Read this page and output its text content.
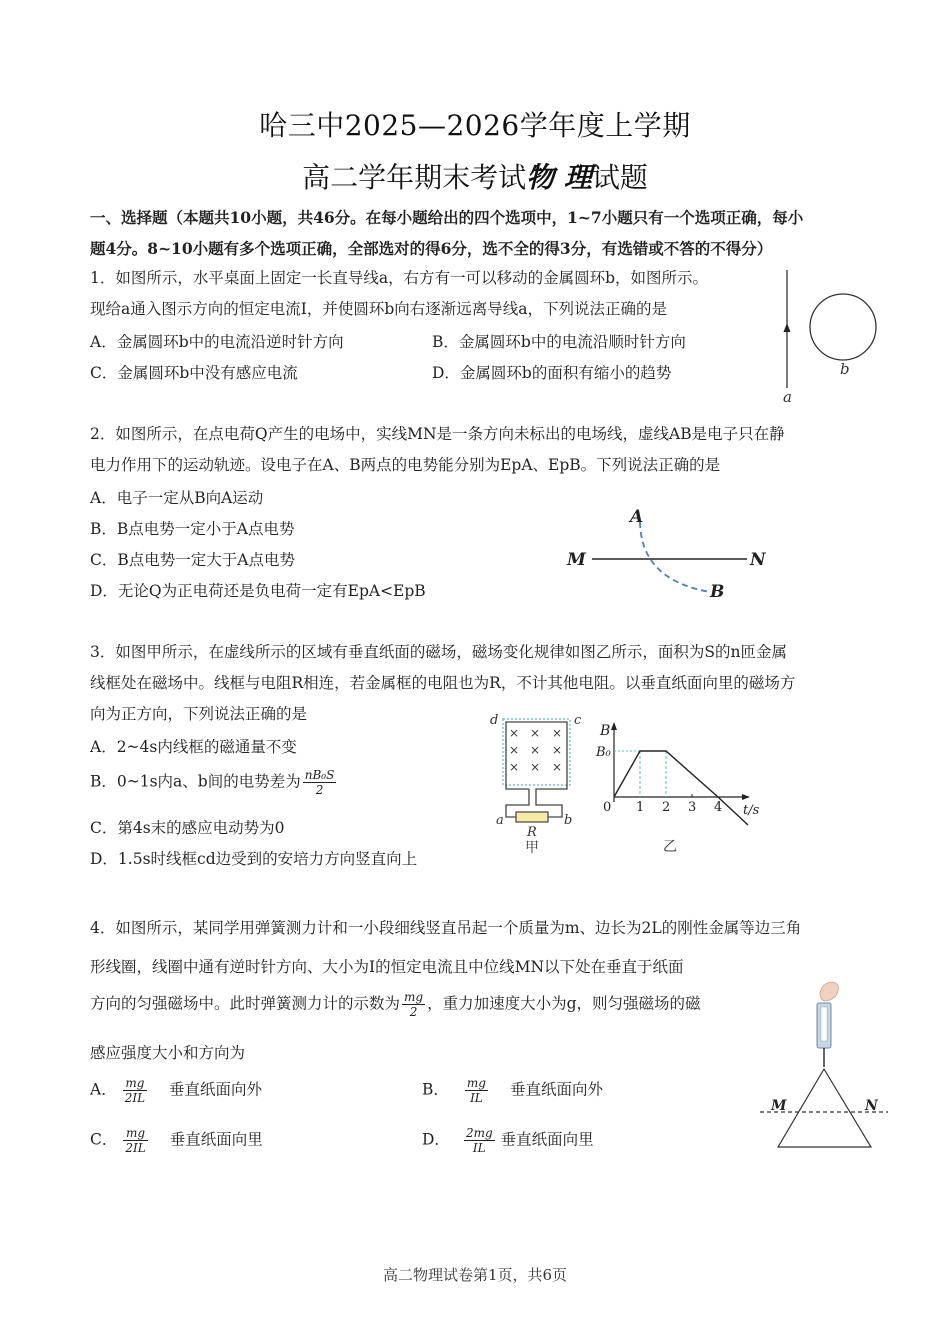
哈三中2025—2026学年度上学期
高二学年期末考试物 理试题
一、选择题（本题共10小题，共46分。在每小题给出的四个选项中，1~7小题只有一个选项正确，每小
题4分。8~10小题有多个选项正确，全部选对的得6分，选不全的得3分，有选错或不答的不得分）
1．如图所示，水平桌面上固定一长直导线a，右方有一可以移动的金属圆环b，如图所示。
现给a通入图示方向的恒定电流I，并使圆环b向右逐渐远离导线a，下列说法正确的是
A．金属圆环b中的电流沿逆时针方向	B．金属圆环b中的电流沿顺时针方向
C．金属圆环b中没有感应电流	D．金属圆环b的面积有缩小的趋势
a
b
2．如图所示，在点电荷Q产生的电场中，实线MN是一条方向未标出的电场线，虚线AB是电子只在静
电力作用下的运动轨迹。设电子在A、B两点的电势能分别为EpA、EpB。下列说法正确的是
A．电子一定从B向A运动
B．B点电势一定小于A点电势
C．B点电势一定大于A点电势
D．无论Q为正电荷还是负电荷一定有EpA<EpB
M	N
A
B
3．如图甲所示，在虚线所示的区域有垂直纸面的磁场，磁场变化规律如图乙所示，面积为S的n匝金属
线框处在磁场中。线框与电阻R相连，若金属框的电阻也为R，不计其他电阻。以垂直纸面向里的磁场方
向为正方向，下列说法正确的是
A．2~4s内线框的磁通量不变
B．0~1s内a、b间的电势差为 $\frac{\text{nB₀S}}{2}$
C．第4s末的感应电动势为0
D．1.5s时线框cd边受到的安培力方向竖直向上
× × ×
× × ×
× × ×
d	c
a	b
R
甲
B
B₀
0 1 2 3 4 t/s
乙
4．如图所示，某同学用弹簧测力计和一小段细线竖直吊起一个质量为m、边长为2L的刚性金属等边三角
形线圈，线圈中通有逆时针方向、大小为I的恒定电流且中位线MN以下处在垂直于纸面
方向的匀强磁场中。此时弹簧测力计的示数为 $\frac{mg}{2}$ ，重力加速度大小为g，则匀强磁场的磁
感应强度大小和方向为
A． $\frac{mg}{2IL}$ 垂直纸面向外	B． $\frac{mg}{IL}$ 垂直纸面向外
C． $\frac{mg}{2IL}$ 垂直纸面向里	D． $\frac{2mg}{IL}$ 垂直纸面向里
M	N
高二物理试卷第1页，共6页
